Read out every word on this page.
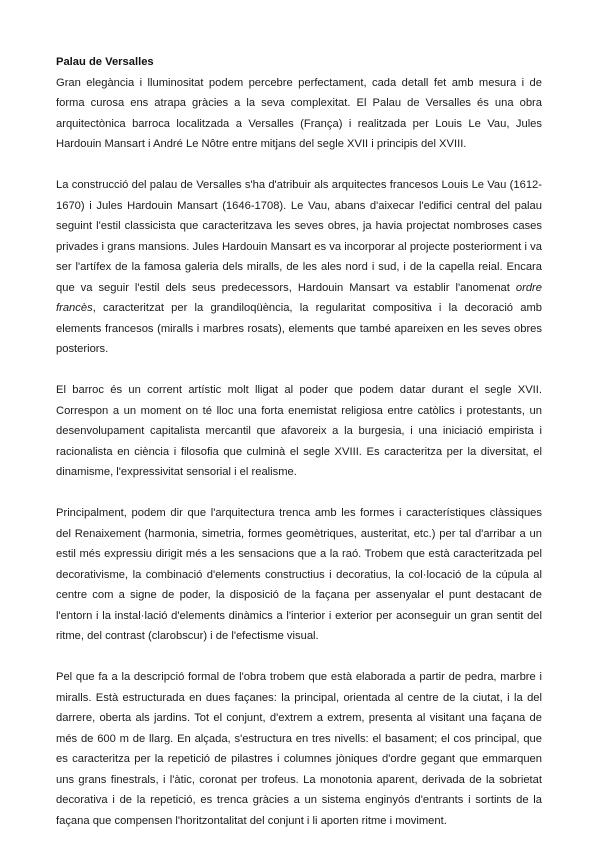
Palau de Versalles

Gran elegància i lluminositat podem percebre perfectament, cada detall fet amb mesura i de forma curosa ens atrapa gràcies a la seva complexitat. El Palau de Versalles és una obra arquitectònica barroca localitzada a Versalles (França) i realitzada per Louis Le Vau, Jules Hardouin Mansart i André Le Nôtre entre mitjans del segle XVII i principis del XVIII.

La construcció del palau de Versalles s'ha d'atribuir als arquitectes francesos Louis Le Vau (1612-1670) i Jules Hardouin Mansart (1646-1708). Le Vau, abans d'aixecar l'edifici central del palau seguint l'estil classicista que caracteritzava les seves obres, ja havia projectat nombroses cases privades i grans mansions. Jules Hardouin Mansart es va incorporar al projecte posteriorment i va ser l'artífex de la famosa galeria dels miralls, de les ales nord i sud, i de la capella reial. Encara que va seguir l'estil dels seus predecessors, Hardouin Mansart va establir l'anomenat ordre francès, caracteritzat per la grandiloqüència, la regularitat compositiva i la decoració amb elements francesos (miralls i marbres rosats), elements que també apareixen en les seves obres posteriors.

El barroc és un corrent artístic molt lligat al poder que podem datar durant el segle XVII. Correspon a un moment on té lloc una forta enemistat religiosa entre catòlics i protestants, un desenvolupament capitalista mercantil que afavoreix a la burgesia, i una iniciació empirista i racionalista en ciència i filosofia que culminà el segle XVIII. Es caracteritza per la diversitat, el dinamisme, l'expressivitat sensorial i el realisme.

Principalment, podem dir que l'arquitectura trenca amb les formes i característiques clàssiques del Renaixement (harmonia, simetria, formes geomètriques, austeritat, etc.) per tal d'arribar a un estil més expressiu dirigit més a les sensacions que a la raó. Trobem que està caracteritzada pel decorativisme, la combinació d'elements constructius i decoratius, la col·locació de la cúpula al centre com a signe de poder, la disposició de la façana per assenyalar el punt destacant de l'entorn i la instal·lació d'elements dinàmics a l'interior i exterior per aconseguir un gran sentit del ritme, del contrast (clarobscur) i de l'efectisme visual.

Pel que fa a la descripció formal de l'obra trobem que està elaborada a partir de pedra, marbre i miralls. Està estructurada en dues façanes: la principal, orientada al centre de la ciutat, i la del darrere, oberta als jardins. Tot el conjunt, d'extrem a extrem, presenta al visitant una façana de més de 600 m de llarg. En alçada, s'estructura en tres nivells: el basament; el cos principal, que es caracteritza per la repetició de pilastres i columnes jòniques d'ordre gegant que emmarquen uns grans finestrals, i l'àtic, coronat per trofeus. La monotonia aparent, derivada de la sobrietat decorativa i de la repetició, es trenca gràcies a un sistema enginyós d'entrants i sortints de la façana que compensen l'horitzontalitat del conjunt i li aporten ritme i moviment.
